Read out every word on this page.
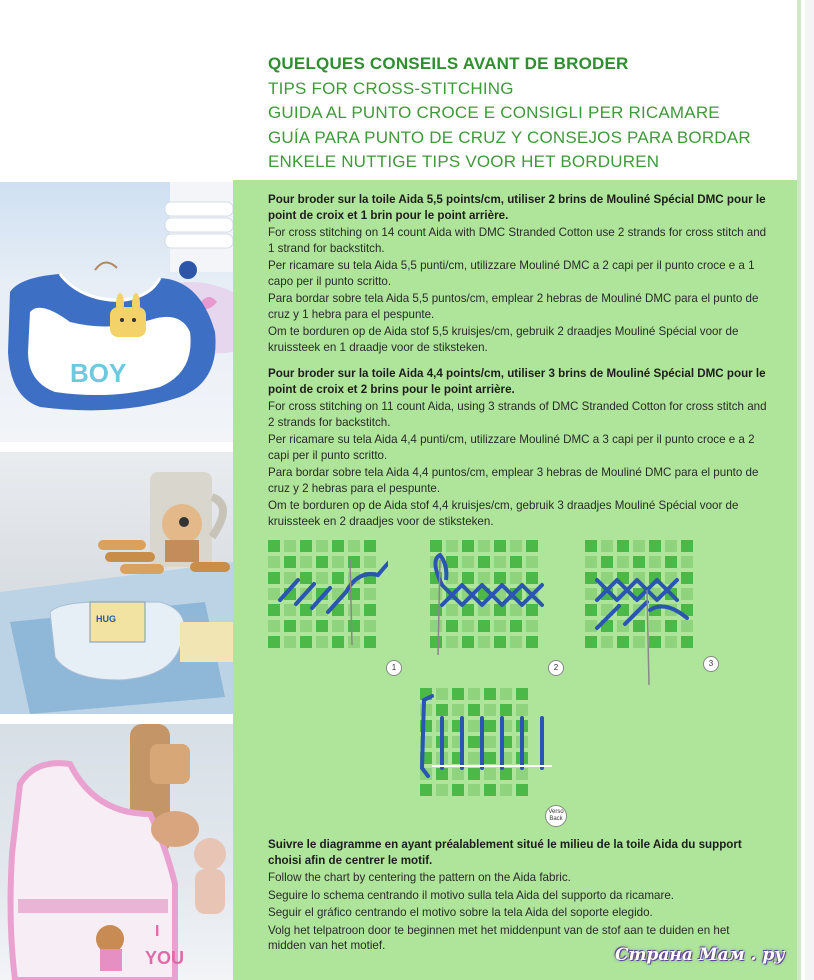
QUELQUES CONSEILS AVANT DE BRODER
TIPS FOR CROSS-STITCHING
GUIDA AL PUNTO CROCE E CONSIGLI PER RICAMARE
GUÍA PARA PUNTO DE CRUZ Y CONSEJOS PARA BORDAR
ENKELE NUTTIGE TIPS VOOR HET BORDUREN
BOY
HUG
I
YOU

Pour broder sur la toile Aida 5,5 points/cm, utiliser 2 brins de Mouliné Spécial DMC pour le point de croix et 1 brin pour le point arrière.

For cross stitching on 14 count Aida with DMC Stranded Cotton use 2 strands for cross stitch and 1 strand for backstitch.

Per ricamare su tela Aida 5,5 punti/cm, utilizzare Mouliné DMC a 2 capi per il punto croce e a 1 capo per il punto scritto.

Para bordar sobre tela Aida 5,5 puntos/cm, emplear 2 hebras de Mouliné DMC para el punto de cruz y 1 hebra para el pespunte.

Om te borduren op de Aida stof 5,5 kruisjes/cm, gebruik 2 draadjes Mouliné Spécial voor de kruissteek en 1 draadje voor de stiksteken.

Pour broder sur la toile Aida 4,4 points/cm, utiliser 3 brins de Mouliné Spécial DMC pour le point de croix et 2 brins pour le point arrière.

For cross stitching on 11 count Aida, using 3 strands of DMC Stranded Cotton for cross stitch and 2 strands for backstitch.

Per ricamare su tela Aida 4,4 punti/cm, utilizzare Mouliné DMC a 3 capi per il punto croce e a 2 capi per il punto scritto.

Para bordar sobre tela Aida 4,4 puntos/cm, emplear 3 hebras de Mouliné DMC para el punto de cruz y 2 hebras para el pespunte.

Om te borduren op de Aida stof 4,4 kruisjes/cm, gebruik 3 draadjes Mouliné Spécial voor de kruissteek en 2 draadjes voor de stiksteken.

1	2	3
Verso
Back

Suivre le diagramme en ayant préalablement situé le milieu de la toile Aida du support choisi afin de centrer le motif.

Follow the chart by centering the pattern on the Aida fabric.

Seguire lo schema centrando il motivo sulla tela Aida del supporto da ricamare.

Seguir el gráfico centrando el motivo sobre la tela Aida del soporte elegido.

Volg het telpatroon door te beginnen met het middenpunt van de stof aan te duiden en het midden van het motief.	Страна Мам . ру
